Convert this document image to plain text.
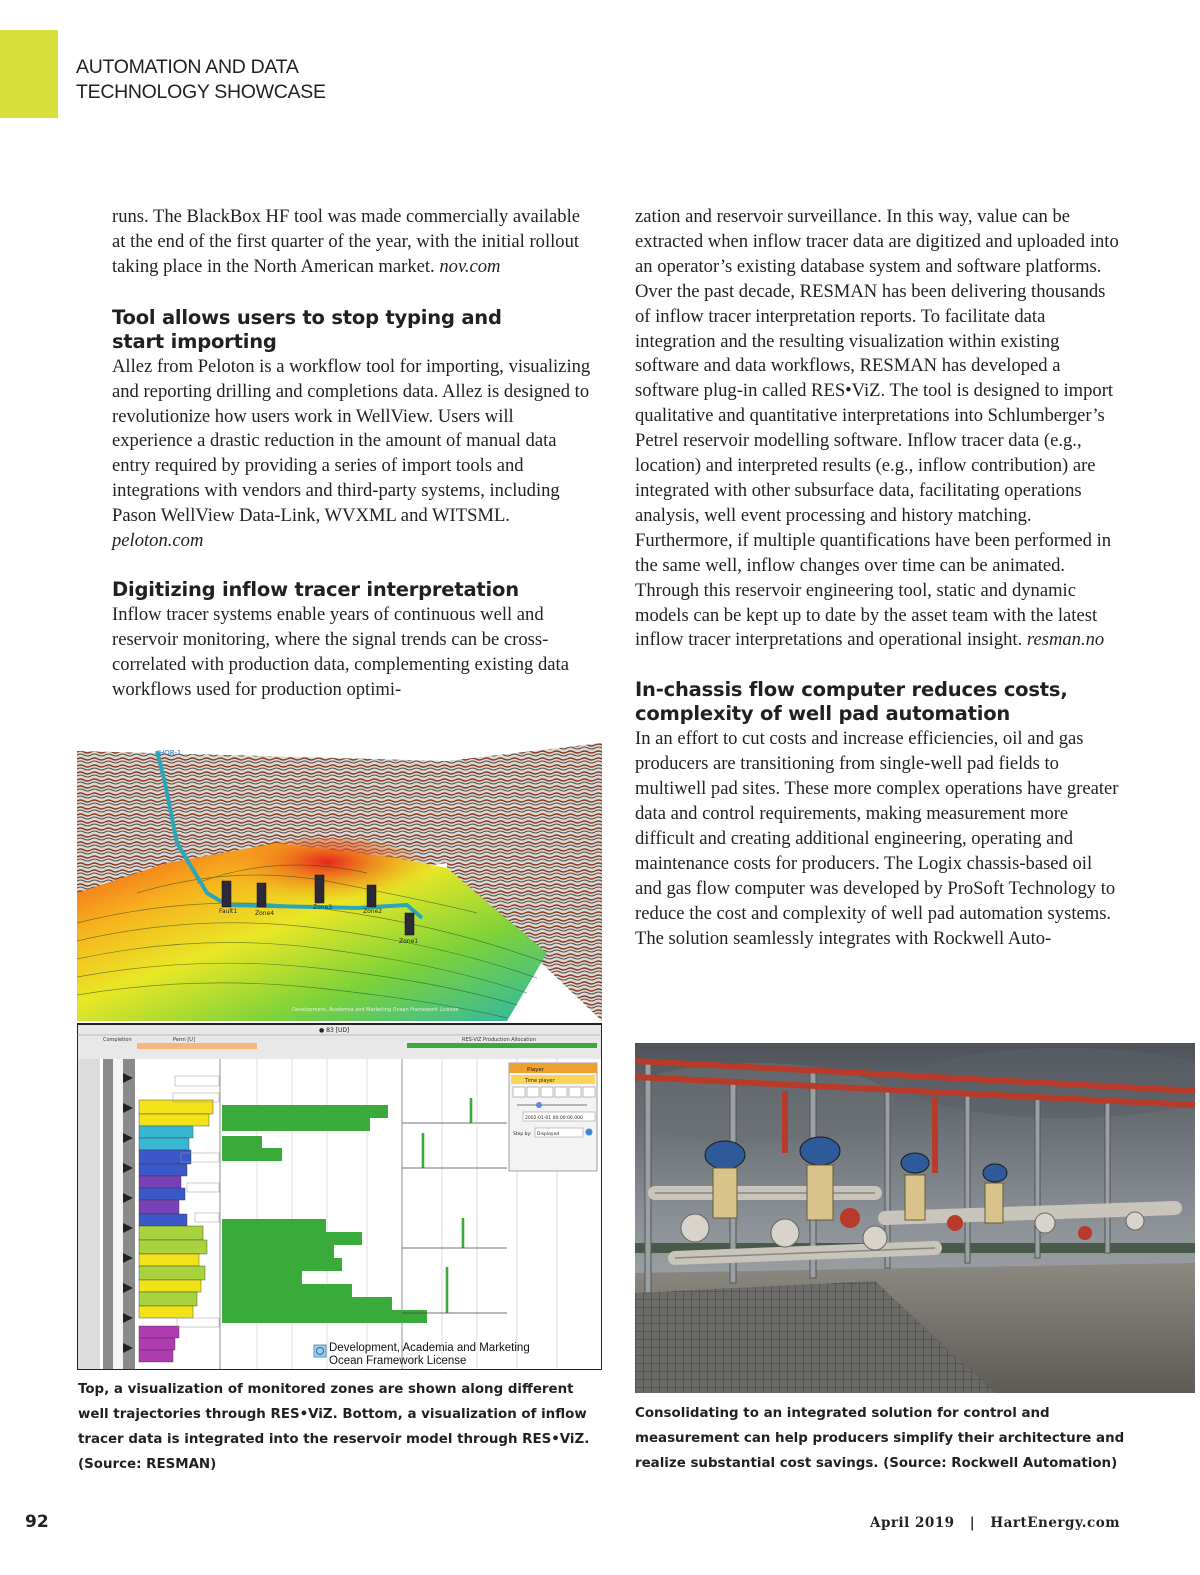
AUTOMATION AND DATA
TECHNOLOGY SHOWCASE

runs. The BlackBox HF tool was made commercially available at the end of the first quarter of the year, with the initial rollout taking place in the North American market. nov.com

Tool allows users to stop typing and
start importing

Allez from Peloton is a workflow tool for importing, visualizing and reporting drilling and completions data. Allez is designed to revolutionize how users work in WellView. Users will experience a drastic reduction in the amount of manual data entry required by providing a series of import tools and integrations with vendors and third-party systems, including Pason WellView Data-Link, WVXML and WITSML. peloton.com

Digitizing inflow tracer interpretation

Inflow tracer systems enable years of continuous well and reservoir monitoring, where the signal trends can be cross-correlated with production data, complementing existing data workflows used for production optimi-

zation and reservoir surveillance. In this way, value can be extracted when inflow tracer data are digitized and uploaded into an operator’s existing database system and software platforms. Over the past decade, RESMAN has been delivering thousands of inflow tracer interpretation reports. To facilitate data integration and the resulting visualization within existing software and data workflows, RESMAN has developed a software plug-in called RES•ViZ. The tool is designed to import qualitative and quantitative interpretations into Schlumberger’s Petrel reservoir modelling software. Inflow tracer data (e.g., location) and interpreted results (e.g., inflow contribution) are integrated with other subsurface data, facilitating operations analysis, well event processing and history matching. Furthermore, if multiple quantifications have been performed in the same well, inflow changes over time can be animated. Through this reservoir engineering tool, static and dynamic models can be kept up to date by the asset team with the latest inflow tracer interpretations and operational insight. resman.no

In-chassis flow computer reduces costs,
complexity of well pad automation

In an effort to cut costs and increase efficiencies, oil and gas producers are transitioning from single-well pad fields to multiwell pad sites. These more complex operations have greater data and control requirements, making measurement more difficult and creating additional engineering, operating and maintenance costs for producers. The Logix chassis-based oil and gas flow computer was developed by ProSoft Technology to reduce the cost and complexity of well pad automation systems. The solution seamlessly integrates with Rockwell Auto-

HOR-1
Fault1	Zone4
Zone3
Zone2
Zone1
Development, Academia and Marketing Ocean Framework License
● 83 [UD]
Completion	Perm [U]	RES-ViZ Production Allocation
Player
Time player
2002-01-01 00:00:00.000
Step by: Displayed
Development, Academia and Marketing
Ocean Framework License
Top, a visualization of monitored zones are shown along different well trajectories through RES•ViZ. Bottom, a visualization of inflow tracer data is integrated into the reservoir model through RES•ViZ. (Source: RESMAN)
Consolidating to an integrated solution for control and measurement can help producers simplify their architecture and realize substantial cost savings. (Source: Rockwell Automation)
92	April 2019 | HartEnergy.com
